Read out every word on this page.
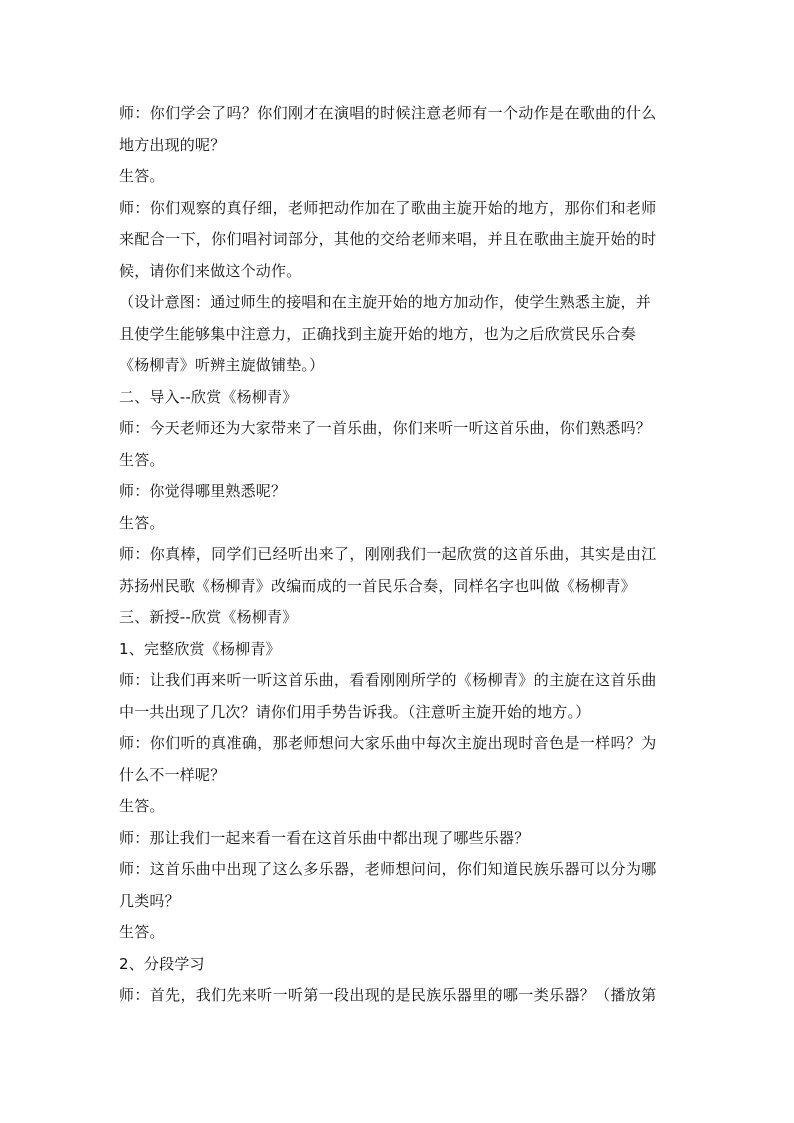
师：你们学会了吗？你们刚才在演唱的时候注意老师有一个动作是在歌曲的什么
地方出现的呢？
生答。
师：你们观察的真仔细，老师把动作加在了歌曲主旋开始的地方，那你们和老师
来配合一下，你们唱衬词部分，其他的交给老师来唱，并且在歌曲主旋开始的时
候，请你们来做这个动作。
（设计意图：通过师生的接唱和在主旋开始的地方加动作，使学生熟悉主旋，并
且使学生能够集中注意力，正确找到主旋开始的地方，也为之后欣赏民乐合奏
《杨柳青》听辨主旋做铺垫。）
二、导入--欣赏《杨柳青》
师：今天老师还为大家带来了一首乐曲，你们来听一听这首乐曲，你们熟悉吗？
生答。
师：你觉得哪里熟悉呢？
生答。
师：你真棒，同学们已经听出来了，刚刚我们一起欣赏的这首乐曲，其实是由江
苏扬州民歌《杨柳青》改编而成的一首民乐合奏，同样名字也叫做《杨柳青》
三、新授--欣赏《杨柳青》
1、完整欣赏《杨柳青》
师：让我们再来听一听这首乐曲，看看刚刚所学的《杨柳青》的主旋在这首乐曲
中一共出现了几次？请你们用手势告诉我。（注意听主旋开始的地方。）
师：你们听的真准确，那老师想问大家乐曲中每次主旋出现时音色是一样吗？为
什么不一样呢？
生答。
师：那让我们一起来看一看在这首乐曲中都出现了哪些乐器？
师：这首乐曲中出现了这么多乐器，老师想问问，你们知道民族乐器可以分为哪
几类吗？
生答。
2、分段学习
师：首先，我们先来听一听第一段出现的是民族乐器里的哪一类乐器？（播放第
